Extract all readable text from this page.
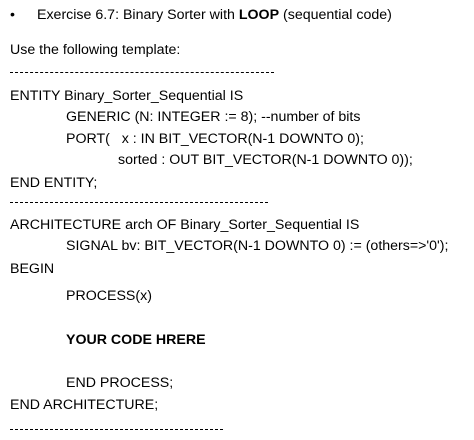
• Exercise 6.7: Binary Sorter with LOOP (sequential code)
Use the following template:
ENTITY Binary_Sorter_Sequential IS
GENERIC (N: INTEGER := 8); --number of bits
PORT(   x : IN BIT_VECTOR(N-1 DOWNTO 0);
sorted : OUT BIT_VECTOR(N-1 DOWNTO 0));
END ENTITY;
ARCHITECTURE arch OF Binary_Sorter_Sequential IS
SIGNAL bv: BIT_VECTOR(N-1 DOWNTO 0) := (others=>'0');
BEGIN
PROCESS(x)
YOUR CODE HRERE
END PROCESS;
END ARCHITECTURE;
